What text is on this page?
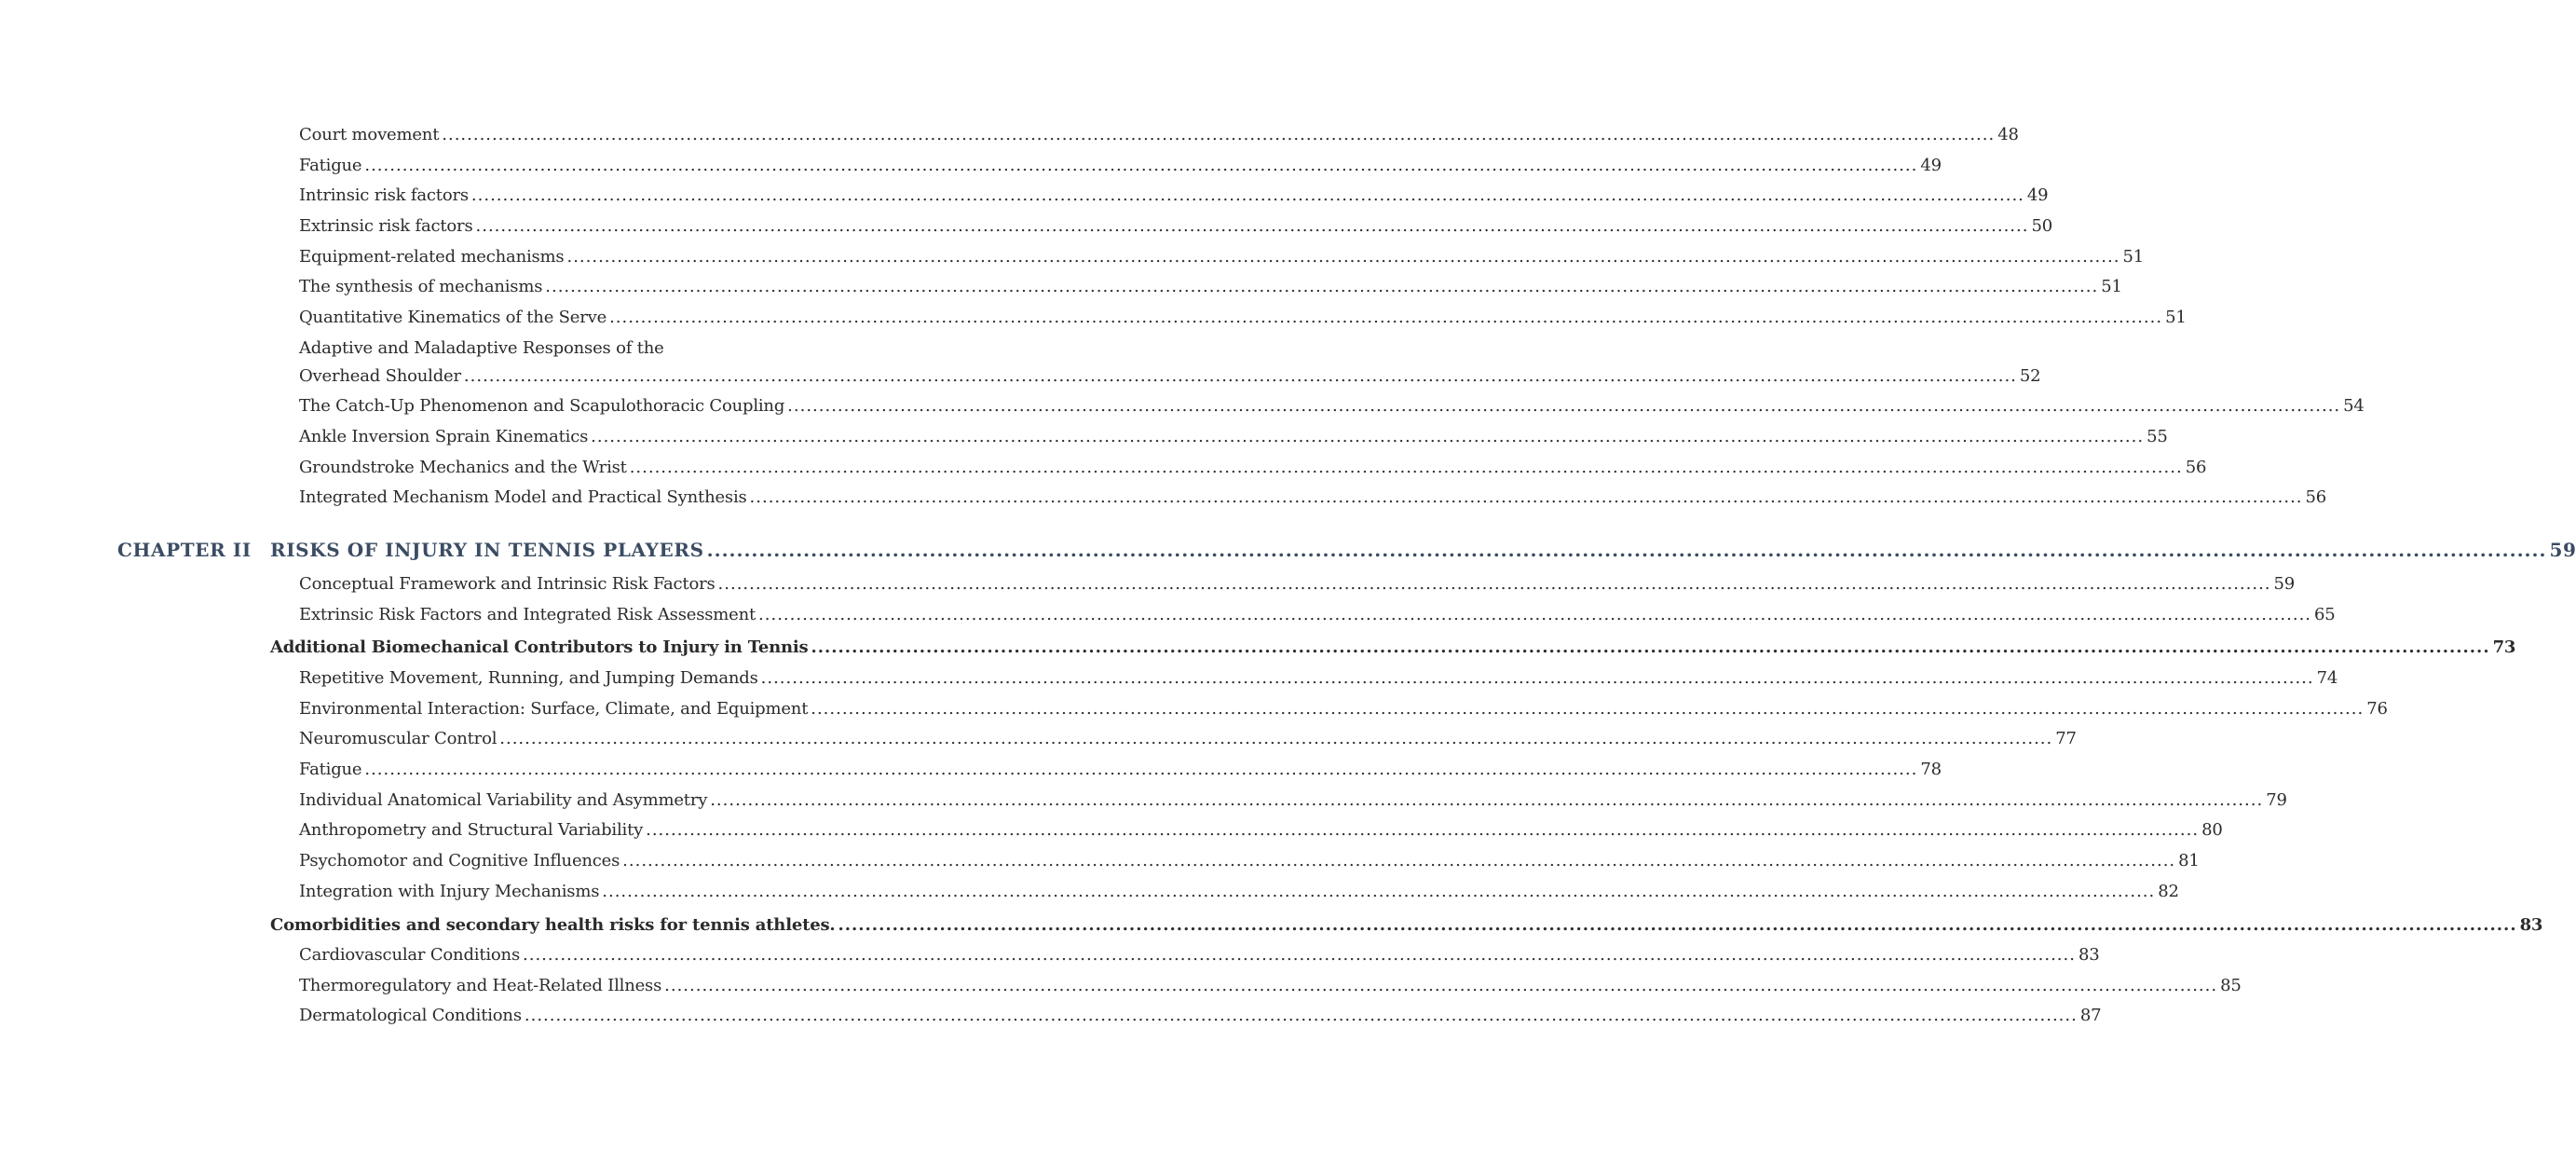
Court movement .....	48
Fatigue .....	49
Intrinsic risk factors .....	49
Extrinsic risk factors .....	50
Equipment-related mechanisms .....	51
The synthesis of mechanisms .....	51
Quantitative Kinematics of the Serve .....	51
Adaptive and Maladaptive Responses of the
Overhead Shoulder .....	52
The Catch-Up Phenomenon and Scapulothoracic Coupling .....	54
Ankle Inversion Sprain Kinematics .....	55
Groundstroke Mechanics and the Wrist .....	56
Integrated Mechanism Model and Practical Synthesis .....	56
CHAPTER II RISKS OF INJURY IN TENNIS PLAYERS .....	59
Conceptual Framework and Intrinsic Risk Factors .....	59
Extrinsic Risk Factors and Integrated Risk Assessment .....	65
Additional Biomechanical Contributors to Injury in Tennis .....	73
Repetitive Movement, Running, and Jumping Demands .....	74
Environmental Interaction: Surface, Climate, and Equipment .....	76
Neuromuscular Control .....	77
Fatigue .....	78
Individual Anatomical Variability and Asymmetry .....	79
Anthropometry and Structural Variability .....	80
Psychomotor and Cognitive Influences .....	81
Integration with Injury Mechanisms .....	82
Comorbidities and secondary health risks for tennis athletes. .....	83
Cardiovascular Conditions .....	83
Thermoregulatory and Heat-Related Illness .....	85
Dermatological Conditions .....	87
